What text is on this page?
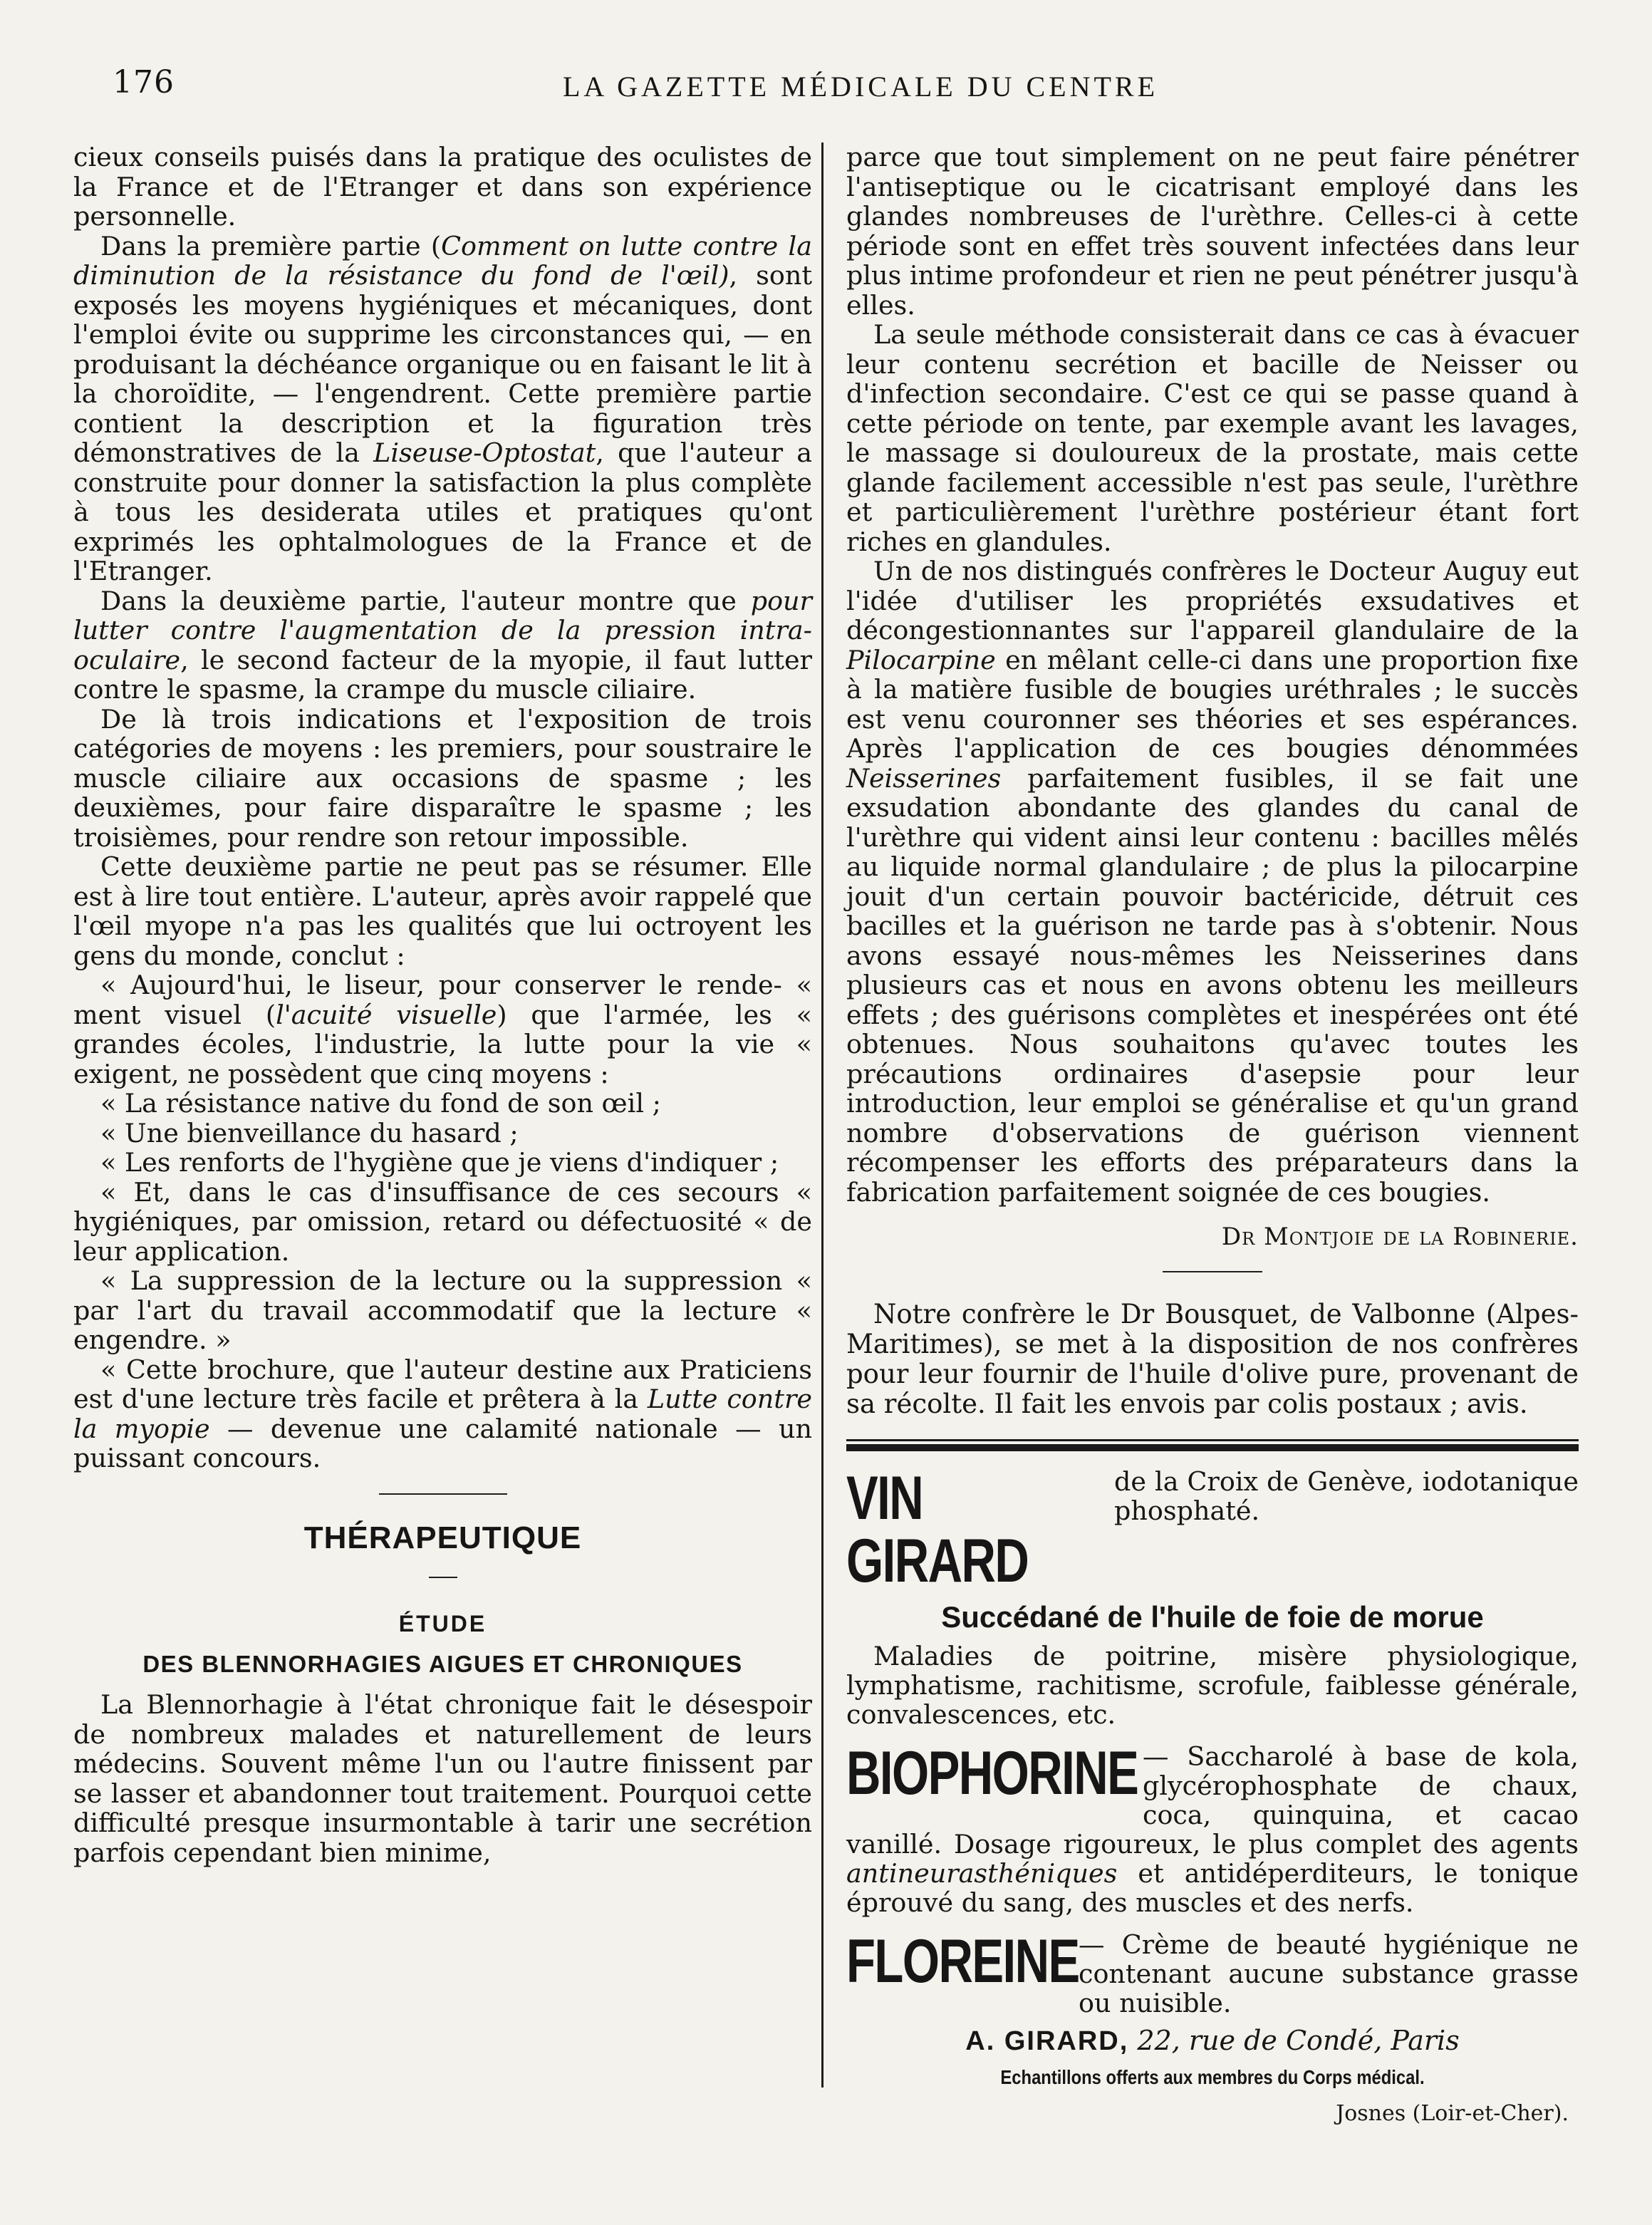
176	LA GAZETTE MÉDICALE DU CENTRE

cieux conseils puisés dans la pratique des oculistes de la France et de l'Etranger et dans son expérience personnelle.

Dans la première partie (Comment on lutte contre la diminution de la résistance du fond de l'œil), sont exposés les moyens hygiéniques et mécaniques, dont l'emploi évite ou supprime les circonstances qui, — en produisant la déchéance organique ou en faisant le lit à la choroïdite, — l'engendrent. Cette première partie contient la description et la figuration très démonstratives de la Liseuse-Optostat, que l'auteur a construite pour donner la satisfaction la plus complète à tous les desiderata utiles et pratiques qu'ont exprimés les ophtalmologues de la France et de l'Etranger.

Dans la deuxième partie, l'auteur montre que pour lutter contre l'augmentation de la pression intra-oculaire, le second facteur de la myopie, il faut lutter contre le spasme, la crampe du muscle ciliaire.

De là trois indications et l'exposition de trois catégories de moyens : les premiers, pour soustraire le muscle ciliaire aux occasions de spasme ; les deuxièmes, pour faire disparaître le spasme ; les troisièmes, pour rendre son retour impossible.

Cette deuxième partie ne peut pas se résumer. Elle est à lire tout entière. L'auteur, après avoir rappelé que l'œil myope n'a pas les qualités que lui octroyent les gens du monde, conclut :

« Aujourd'hui, le liseur, pour conserver le rende- « ment visuel (l'acuité visuelle) que l'armée, les « grandes écoles, l'industrie, la lutte pour la vie « exigent, ne possèdent que cinq moyens :

« La résistance native du fond de son œil ;

« Une bienveillance du hasard ;

« Les renforts de l'hygiène que je viens d'indiquer ;

« Et, dans le cas d'insuffisance de ces secours « hygiéniques, par omission, retard ou défectuosité « de leur application.

« La suppression de la lecture ou la suppression « par l'art du travail accommodatif que la lecture « engendre. »

« Cette brochure, que l'auteur destine aux Praticiens est d'une lecture très facile et prêtera à la Lutte contre la myopie — devenue une calamité nationale — un puissant concours.

THÉRAPEUTIQUE
ÉTUDE
DES BLENNORHAGIES AIGUES ET CHRONIQUES

La Blennorhagie à l'état chronique fait le désespoir de nombreux malades et naturellement de leurs médecins. Souvent même l'un ou l'autre finissent par se lasser et abandonner tout traitement. Pourquoi cette difficulté presque insurmontable à tarir une secrétion parfois cependant bien minime,

parce que tout simplement on ne peut faire pénétrer l'antiseptique ou le cicatrisant employé dans les glandes nombreuses de l'urèthre. Celles-ci à cette période sont en effet très souvent infectées dans leur plus intime profondeur et rien ne peut pénétrer jusqu'à elles.

La seule méthode consisterait dans ce cas à évacuer leur contenu secrétion et bacille de Neisser ou d'infection secondaire. C'est ce qui se passe quand à cette période on tente, par exemple avant les lavages, le massage si douloureux de la prostate, mais cette glande facilement accessible n'est pas seule, l'urèthre et particulièrement l'urèthre postérieur étant fort riches en glandules.

Un de nos distingués confrères le Docteur Auguy eut l'idée d'utiliser les propriétés exsudatives et décongestionnantes sur l'appareil glandulaire de la Pilocarpine en mêlant celle-ci dans une proportion fixe à la matière fusible de bougies uréthrales ; le succès est venu couronner ses théories et ses espérances. Après l'application de ces bougies dénommées Neisserines parfaitement fusibles, il se fait une exsudation abondante des glandes du canal de l'urèthre qui vident ainsi leur contenu : bacilles mêlés au liquide normal glandulaire ; de plus la pilocarpine jouit d'un certain pouvoir bactéricide, détruit ces bacilles et la guérison ne tarde pas à s'obtenir. Nous avons essayé nous-mêmes les Neisserines dans plusieurs cas et nous en avons obtenu les meilleurs effets ; des guérisons complètes et inespérées ont été obtenues. Nous souhaitons qu'avec toutes les précautions ordinaires d'asepsie pour leur introduction, leur emploi se généralise et qu'un grand nombre d'observations de guérison viennent récompenser les efforts des préparateurs dans la fabrication parfaitement soignée de ces bougies.

Dr Montjoie de la Robinerie.

Notre confrère le Dr Bousquet, de Valbonne (Alpes-Maritimes), se met à la disposition de nos confrères pour leur fournir de l'huile d'olive pure, provenant de sa récolte. Il fait les envois par colis postaux ; avis.

VIN GIRARD
de la Croix de Genève, iodotanique phosphaté.
Succédané de l'huile de foie de morue

Maladies de poitrine, misère physiologique, lymphatisme, rachitisme, scrofule, faiblesse générale, convalescences, etc.

BIOPHORINE — Saccharolé à base de kola, glycérophosphate de chaux, coca, quinquina, et cacao vanillé. Dosage rigoureux, le plus complet des agents antineurasthéniques et antidéperditeurs, le tonique éprouvé du sang, des muscles et des nerfs.
FLOREINE — Crème de beauté hygiénique ne contenant aucune substance grasse ou nuisible.
A. GIRARD, 22, rue de Condé, Paris
Echantillons offerts aux membres du Corps médical.
Josnes (Loir-et-Cher).
